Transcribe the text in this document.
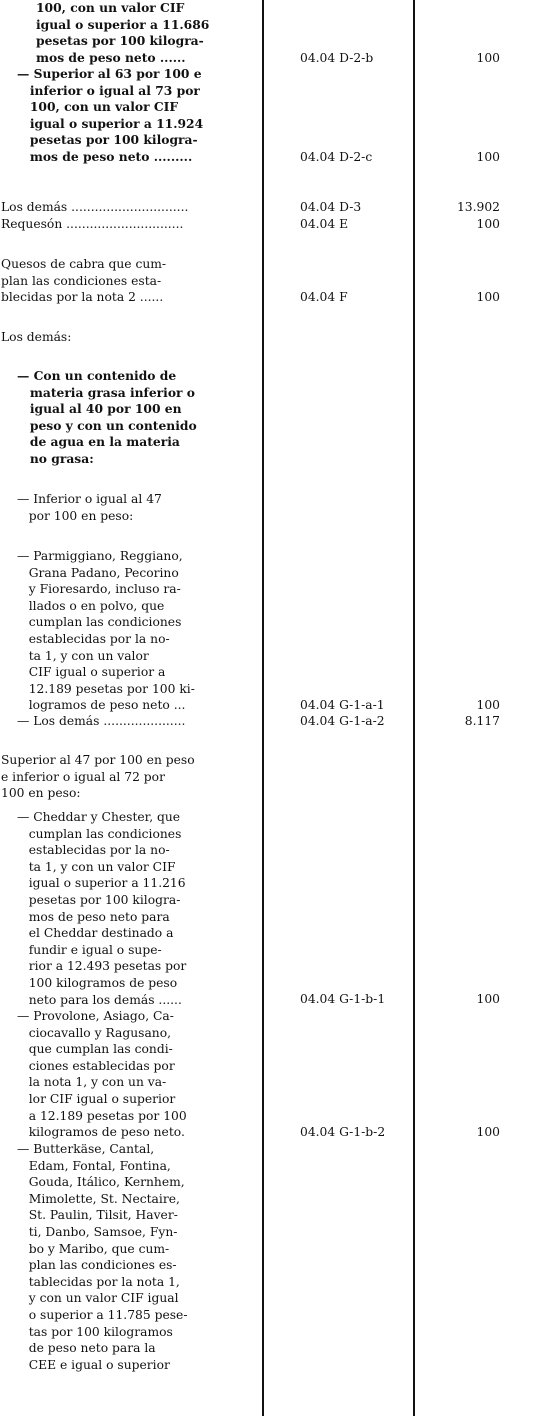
100, con un valor CIF
igual o superior a 11.686
pesetas por 100 kilogra-
mos de peso neto ......	04.04 D-2-b	100
— Superior al 63 por 100 e
inferior o igual al 73 por
100, con un valor CIF
igual o superior a 11.924
pesetas por 100 kilogra-
mos de peso neto .........	04.04 D-2-c	100
Los demás ..............................	04.04 D-3	13.902
Requesón ..............................	04.04 E	100
Quesos de cabra que cum-
plan las condiciones esta-
blecidas por la nota 2 ......	04.04 F	100
Los demás:
— Con un contenido de
materia grasa inferior o
igual al 40 por 100 en
peso y con un contenido
de agua en la materia
no grasa:
— Inferior o igual al 47
por 100 en peso:
— Parmiggiano, Reggiano,
Grana Padano, Pecorino
y Fioresardo, incluso ra-
llados o en polvo, que
cumplan las condiciones
establecidas por la no-
ta 1, y con un valor
CIF igual o superior a
12.189 pesetas por 100 ki-
logramos de peso neto ...	04.04 G-1-a-1	100
— Los demás .....................	04.04 G-1-a-2	8.117
Superior al 47 por 100 en peso
e inferior o igual al 72 por
100 en peso:
— Cheddar y Chester, que
cumplan las condiciones
establecidas por la no-
ta 1, y con un valor CIF
igual o superior a 11.216
pesetas por 100 kilogra-
mos de peso neto para
el Cheddar destinado a
fundir e igual o supe-
rior a 12.493 pesetas por
100 kilogramos de peso
neto para los demás ......	04.04 G-1-b-1	100
— Provolone, Asiago, Ca-
ciocavallo y Ragusano,
que cumplan las condi-
ciones establecidas por
la nota 1, y con un va-
lor CIF igual o superior
a 12.189 pesetas por 100
kilogramos de peso neto.	04.04 G-1-b-2	100
— Butterkäse, Cantal,
Edam, Fontal, Fontina,
Gouda, Itálico, Kernhem,
Mimolette, St. Nectaire,
St. Paulin, Tilsit, Haver-
ti, Danbo, Samsoe, Fyn-
bo y Maribo, que cum-
plan las condiciones es-
tablecidas por la nota 1,
y con un valor CIF igual
o superior a 11.785 pese-
tas por 100 kilogramos
de peso neto para la
CEE e igual o superior
